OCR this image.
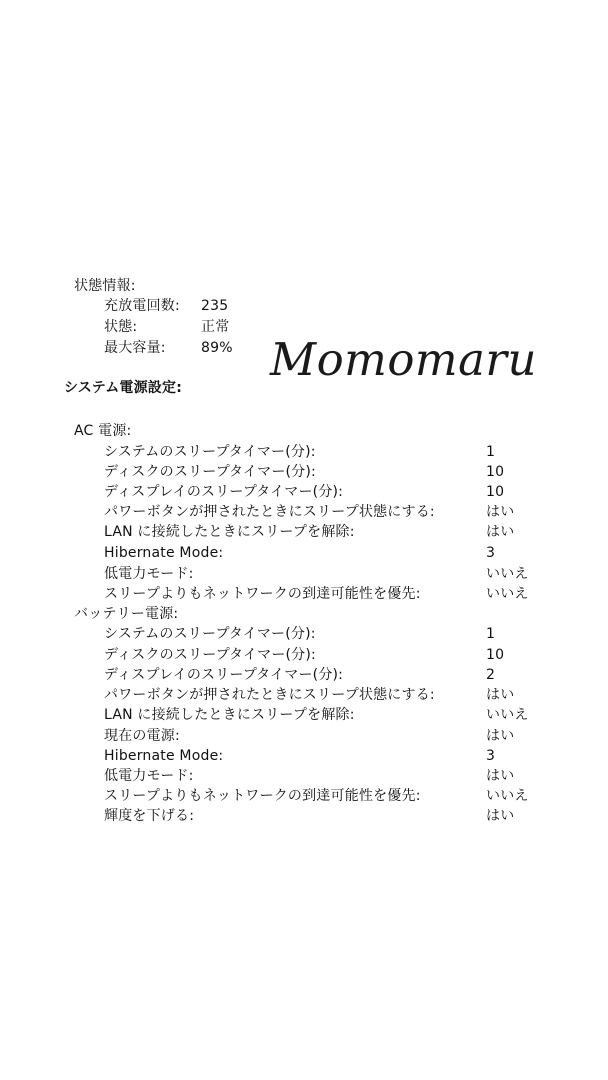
状態情報:
充放電回数: 235
状態:	正常
最大容量:	89% Momomaru
システム電源設定:
AC 電源:
システムのスリープタイマー(分):	1
ディスクのスリープタイマー(分):	10
ディスプレイのスリープタイマー(分):	10
パワーボタンが押されたときにスリープ状態にする:	はい
LAN に接続したときにスリープを解除:	はい
Hibernate Mode:	3
低電力モード:	いいえ
スリープよりもネットワークの到達可能性を優先:	いいえ
バッテリー電源:
システムのスリープタイマー(分):	1
ディスクのスリープタイマー(分):	10
ディスプレイのスリープタイマー(分):	2
パワーボタンが押されたときにスリープ状態にする:	はい
LAN に接続したときにスリープを解除:	いいえ
現在の電源:	はい
Hibernate Mode:	3
低電力モード:	はい
スリープよりもネットワークの到達可能性を優先:	いいえ
輝度を下げる:	はい
